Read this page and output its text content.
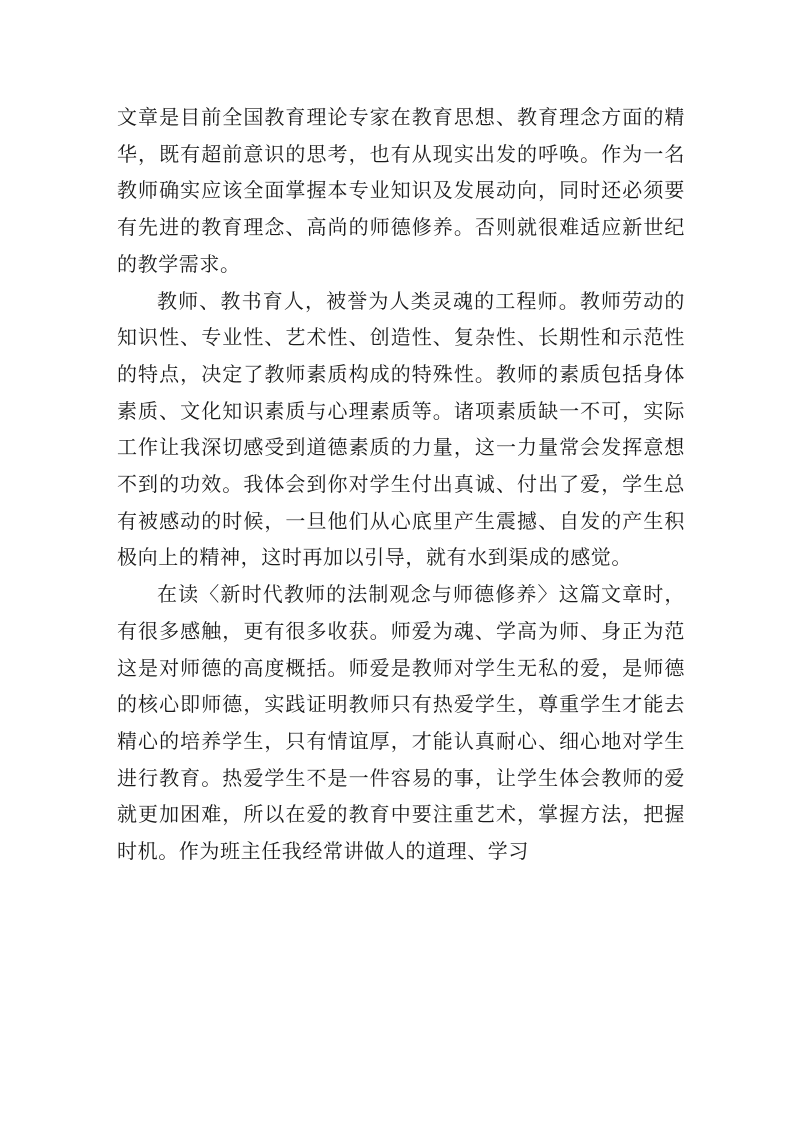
文章是目前全国教育理论专家在教育思想、教育理念方面的精华，既有超前意识的思考，也有从现实出发的呼唤。作为一名教师确实应该全面掌握本专业知识及发展动向，同时还必须要有先进的教育理念、高尚的师德修养。否则就很难适应新世纪的教学需求。

教师、教书育人，被誉为人类灵魂的工程师。教师劳动的知识性、专业性、艺术性、创造性、复杂性、长期性和示范性的特点，决定了教师素质构成的特殊性。教师的素质包括身体素质、文化知识素质与心理素质等。诸项素质缺一不可，实际工作让我深切感受到道德素质的力量，这一力量常会发挥意想不到的功效。我体会到你对学生付出真诚、付出了爱，学生总有被感动的时候，一旦他们从心底里产生震撼、自发的产生积极向上的精神，这时再加以引导，就有水到渠成的感觉。

在读〈新时代教师的法制观念与师德修养〉这篇文章时，有很多感触，更有很多收获。师爱为魂、学高为师、身正为范这是对师德的高度概括。师爱是教师对学生无私的爱，是师德的核心即师德，实践证明教师只有热爱学生，尊重学生才能去精心的培养学生，只有情谊厚，才能认真耐心、细心地对学生进行教育。热爱学生不是一件容易的事，让学生体会教师的爱就更加困难，所以在爱的教育中要注重艺术，掌握方法，把握时机。作为班主任我经常讲做人的道理、学习
